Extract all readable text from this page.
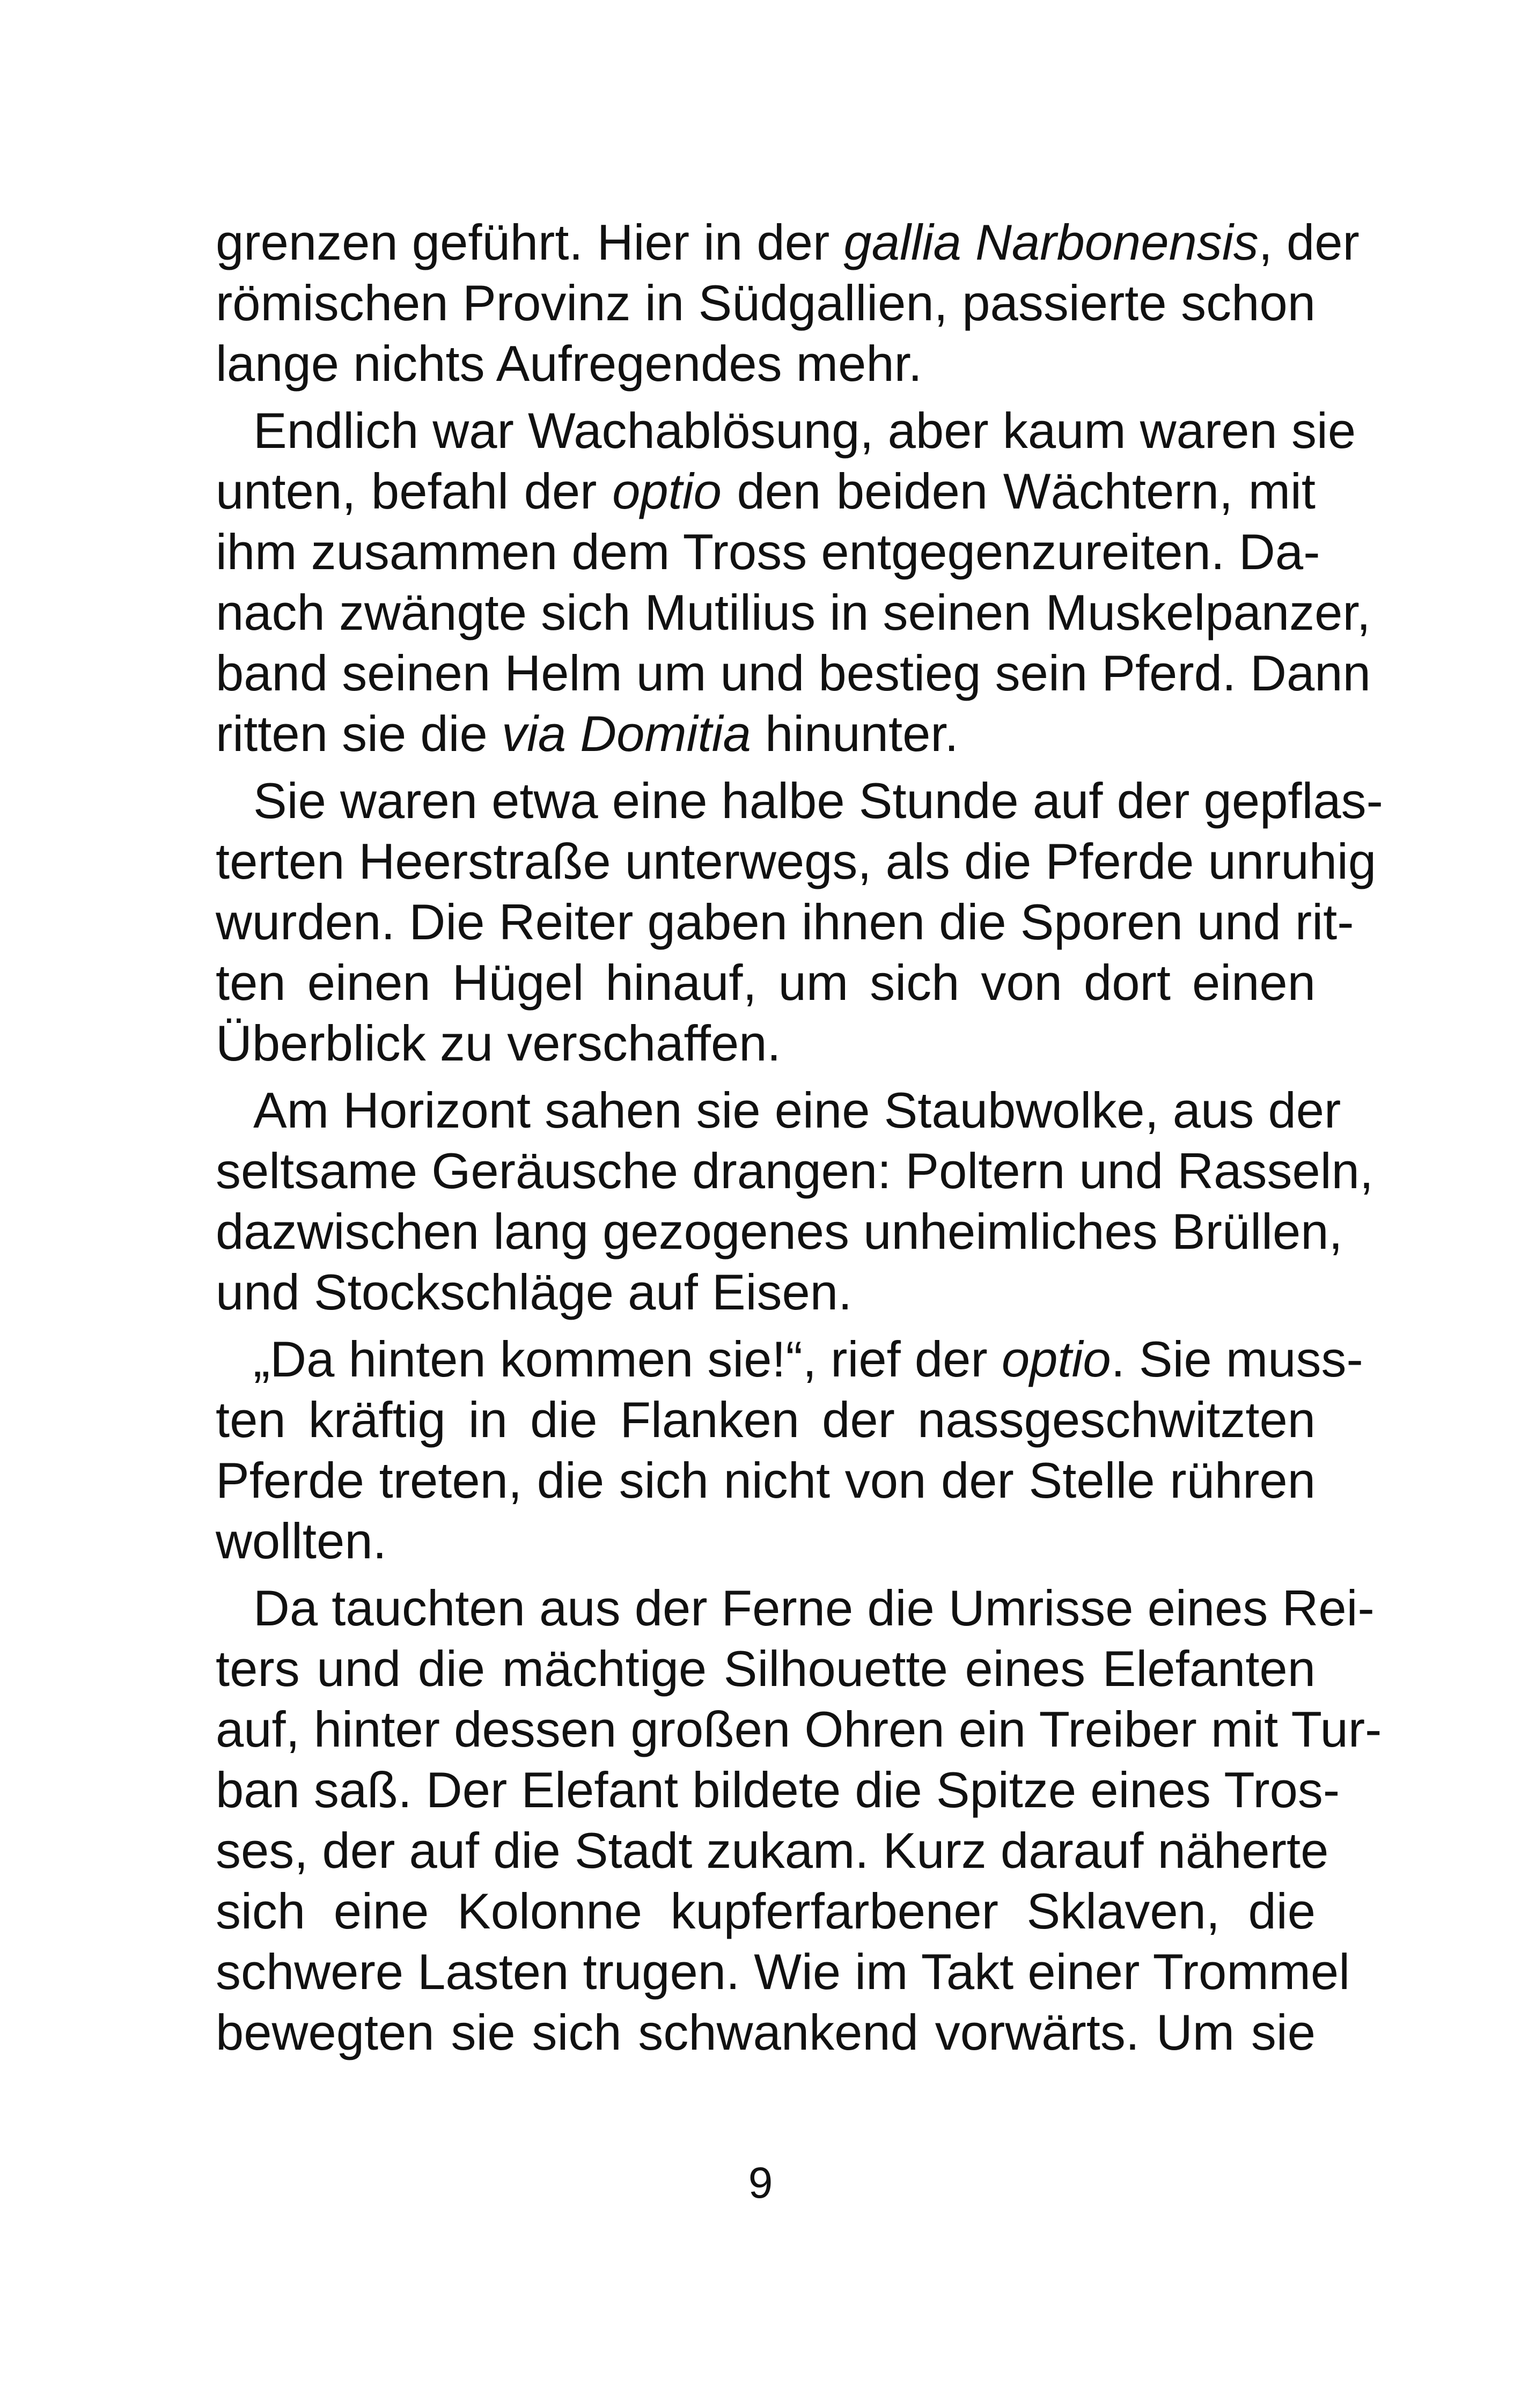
grenzen geführt. Hier in der gallia Narbonensis, der
römischen Provinz in Südgallien, passierte schon
lange nichts Aufregendes mehr.

Endlich war Wachablösung, aber kaum waren sie
unten, befahl der optio den beiden Wächtern, mit
ihm zusammen dem Tross entgegenzureiten. Da-
nach zwängte sich Mutilius in seinen Muskelpanzer,
band seinen Helm um und bestieg sein Pferd. Dann
ritten sie die via Domitia hinunter.

Sie waren etwa eine halbe Stunde auf der gepflas-
terten Heerstraße unterwegs, als die Pferde unruhig
wurden. Die Reiter gaben ihnen die Sporen und rit-
ten einen Hügel hinauf, um sich von dort einen
Überblick zu verschaffen.

Am Horizont sahen sie eine Staubwolke, aus der
seltsame Geräusche drangen: Poltern und Rasseln,
dazwischen lang gezogenes unheimliches Brüllen,
und Stockschläge auf Eisen.

„Da hinten kommen sie!“, rief der optio. Sie muss-
ten kräftig in die Flanken der nassgeschwitzten
Pferde treten, die sich nicht von der Stelle rühren
wollten.

Da tauchten aus der Ferne die Umrisse eines Rei-
ters und die mächtige Silhouette eines Elefanten
auf, hinter dessen großen Ohren ein Treiber mit Tur-
ban saß. Der Elefant bildete die Spitze eines Tros-
ses, der auf die Stadt zukam. Kurz darauf näherte
sich eine Kolonne kupferfarbener Sklaven, die
schwere Lasten trugen. Wie im Takt einer Trommel
bewegten sie sich schwankend vorwärts. Um sie

9
